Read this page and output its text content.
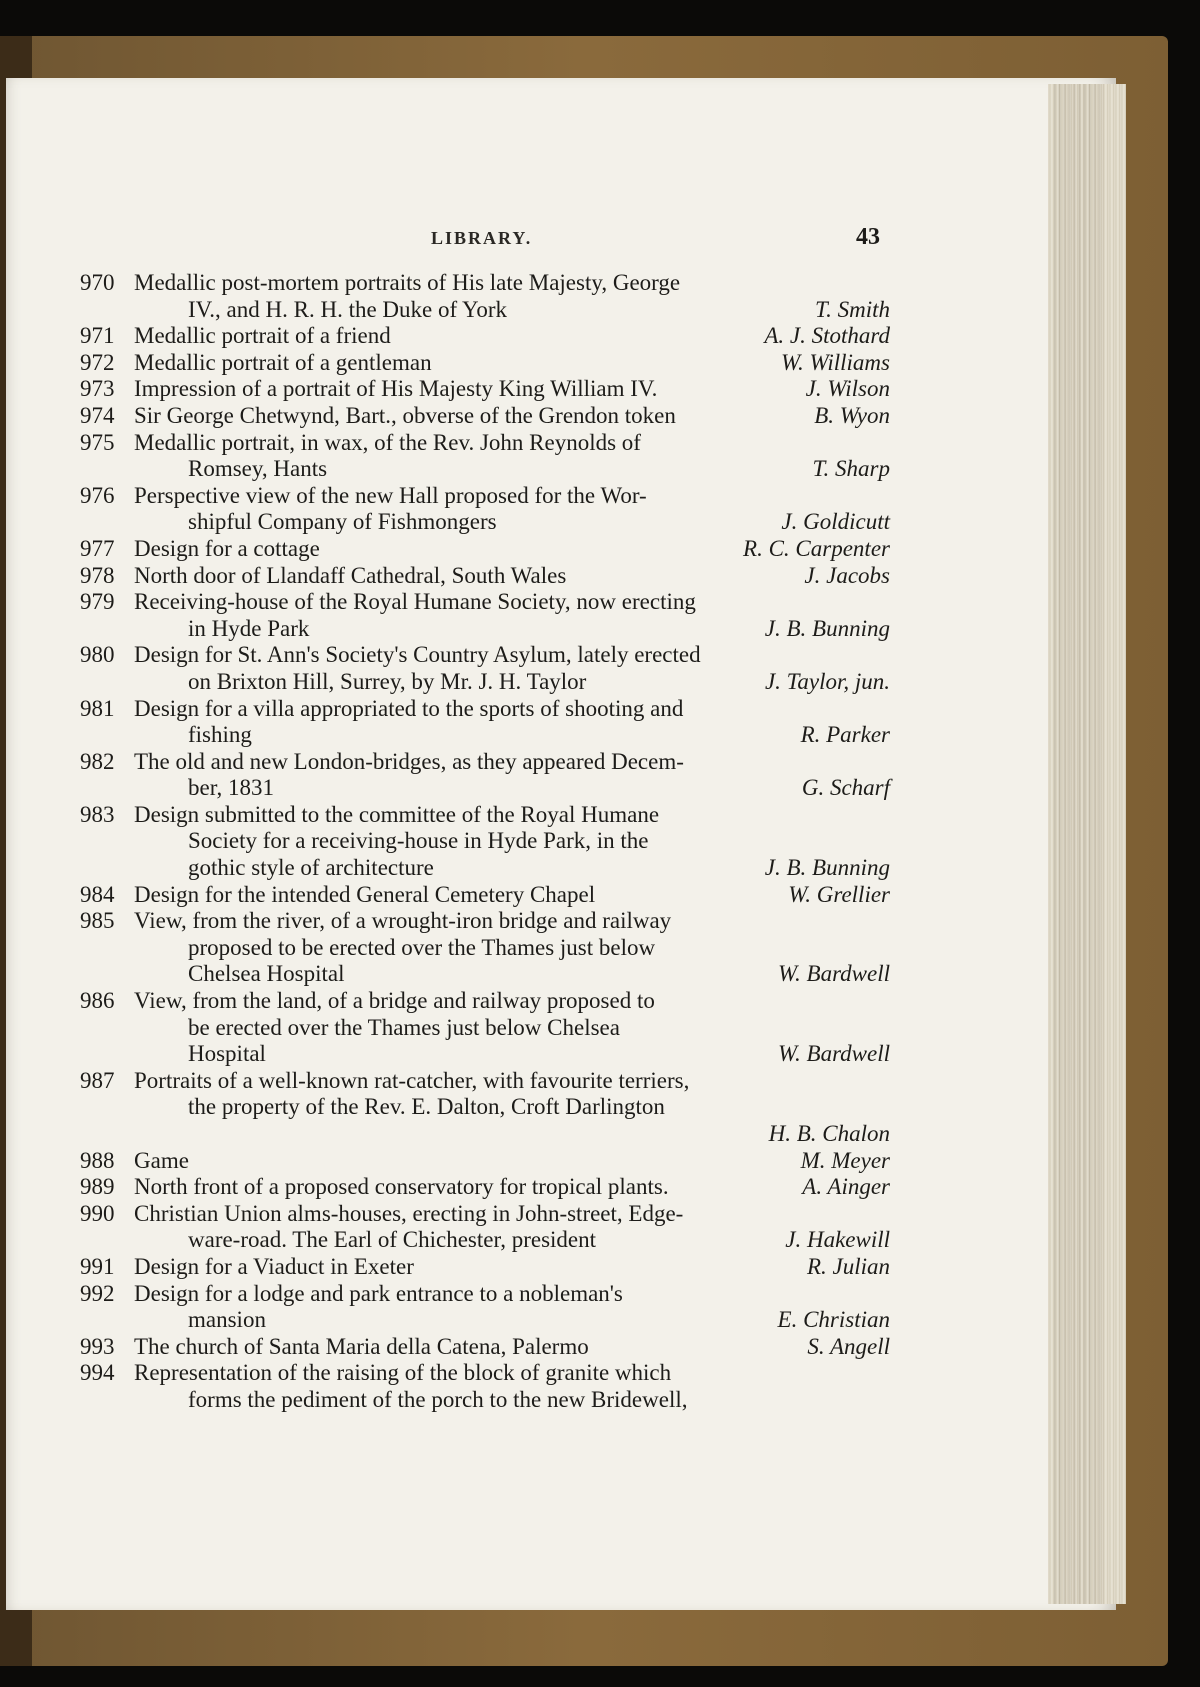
LIBRARY.	43
970 Medallic post-mortem portraits of His late Majesty, George
IV., and H. R. H. the Duke of York	T. Smith
971 Medallic portrait of a friend	A. J. Stothard
972 Medallic portrait of a gentleman	W. Williams
973 Impression of a portrait of His Majesty King William IV.	J. Wilson
974 Sir George Chetwynd, Bart., obverse of the Grendon token	B. Wyon
975 Medallic portrait, in wax, of the Rev. John Reynolds of
Romsey, Hants	T. Sharp
976 Perspective view of the new Hall proposed for the Wor-
shipful Company of Fishmongers	J. Goldicutt
977 Design for a cottage	R. C. Carpenter
978 North door of Llandaff Cathedral, South Wales	J. Jacobs
979 Receiving-house of the Royal Humane Society, now erecting
in Hyde Park	J. B. Bunning
980 Design for St. Ann's Society's Country Asylum, lately erected
on Brixton Hill, Surrey, by Mr. J. H. Taylor	J. Taylor, jun.
981 Design for a villa appropriated to the sports of shooting and
fishing	R. Parker
982 The old and new London-bridges, as they appeared Decem-
ber, 1831	G. Scharf
983 Design submitted to the committee of the Royal Humane
Society for a receiving-house in Hyde Park, in the
gothic style of architecture	J. B. Bunning
984 Design for the intended General Cemetery Chapel	W. Grellier
985 View, from the river, of a wrought-iron bridge and railway
proposed to be erected over the Thames just below
Chelsea Hospital	W. Bardwell
986 View, from the land, of a bridge and railway proposed to
be erected over the Thames just below Chelsea
Hospital	W. Bardwell
987 Portraits of a well-known rat-catcher, with favourite terriers,
the property of the Rev. E. Dalton, Croft Darlington
H. B. Chalon
988 Game	M. Meyer
989 North front of a proposed conservatory for tropical plants.	A. Ainger
990 Christian Union alms-houses, erecting in John-street, Edge-
ware-road. The Earl of Chichester, president	J. Hakewill
991 Design for a Viaduct in Exeter	R. Julian
992 Design for a lodge and park entrance to a nobleman's
mansion	E. Christian
993 The church of Santa Maria della Catena, Palermo	S. Angell
994 Representation of the raising of the block of granite which
forms the pediment of the porch to the new Bridewell,
